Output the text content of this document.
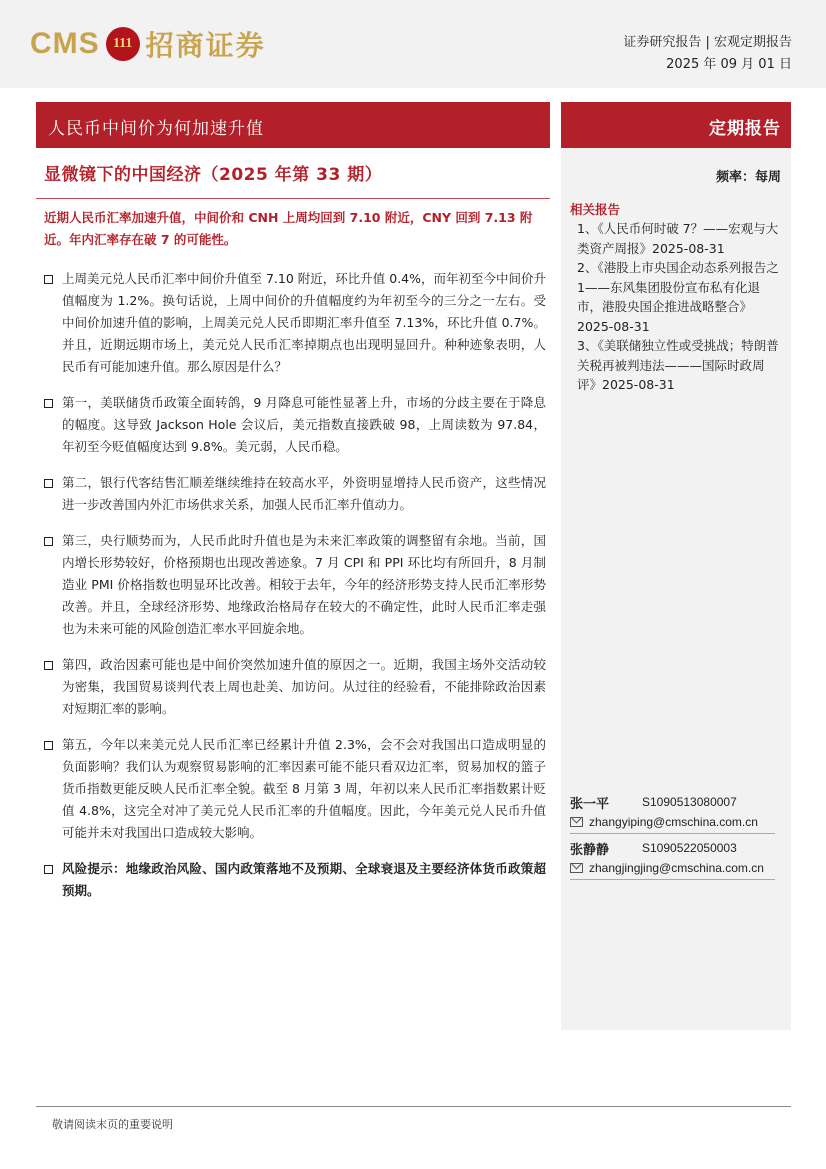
CMS 111 招商证券	证券研究报告 | 宏观定期报告
2025 年 09 月 01 日
人民币中间价为何加速升值	定期报告
显微镜下的中国经济（2025 年第 33 期）
近期人民币汇率加速升值，中间价和 CNH 上周均回到 7.10 附近，CNY 回到 7.13 附近。年内汇率存在破 7 的可能性。
上周美元兑人民币汇率中间价升值至 7.10 附近，环比升值 0.4%，而年初至今中间价升值幅度为 1.2%。换句话说，上周中间价的升值幅度约为年初至今的三分之一左右。受中间价加速升值的影响，上周美元兑人民币即期汇率升值至 7.13%，环比升值 0.7%。并且，近期远期市场上，美元兑人民币汇率掉期点也出现明显回升。种种迹象表明，人民币有可能加速升值。那么原因是什么？
第一，美联储货币政策全面转鸽，9 月降息可能性显著上升，市场的分歧主要在于降息的幅度。这导致 Jackson Hole 会议后，美元指数直接跌破 98，上周读数为 97.84，年初至今贬值幅度达到 9.8%。美元弱，人民币稳。
第二，银行代客结售汇顺差继续维持在较高水平，外资明显增持人民币资产，这些情况进一步改善国内外汇市场供求关系，加强人民币汇率升值动力。
第三，央行顺势而为，人民币此时升值也是为未来汇率政策的调整留有余地。当前，国内增长形势较好，价格预期也出现改善迹象。7 月 CPI 和 PPI 环比均有所回升，8 月制造业 PMI 价格指数也明显环比改善。相较于去年，今年的经济形势支持人民币汇率形势改善。并且，全球经济形势、地缘政治格局存在较大的不确定性，此时人民币汇率走强也为未来可能的风险创造汇率水平回旋余地。
第四，政治因素可能也是中间价突然加速升值的原因之一。近期，我国主场外交活动较为密集，我国贸易谈判代表上周也赴美、加访问。从过往的经验看，不能排除政治因素对短期汇率的影响。
第五，今年以来美元兑人民币汇率已经累计升值 2.3%，会不会对我国出口造成明显的负面影响？我们认为观察贸易影响的汇率因素可能不能只看双边汇率，贸易加权的篮子货币指数更能反映人民币汇率全貌。截至 8 月第 3 周，年初以来人民币汇率指数累计贬值 4.8%，这完全对冲了美元兑人民币汇率的升值幅度。因此，今年美元兑人民币升值可能并未对我国出口造成较大影响。
风险提示：地缘政治风险、国内政策落地不及预期、全球衰退及主要经济体货币政策超预期。
频率：每周
相关报告

1、《人民币何时破 7？——宏观与大类资产周报》2025-08-31

2、《港股上市央国企动态系列报告之 1——东风集团股份宣布私有化退市，港股央国企推进战略整合》2025-08-31

3、《美联储独立性或受挑战；特朗普关税再被判违法———国际时政周评》2025-08-31

张一平	S1090513080007
zhangyiping@cmschina.com.cn
张静静	S1090522050003
zhangjingjing@cmschina.com.cn
敬请阅读末页的重要说明
